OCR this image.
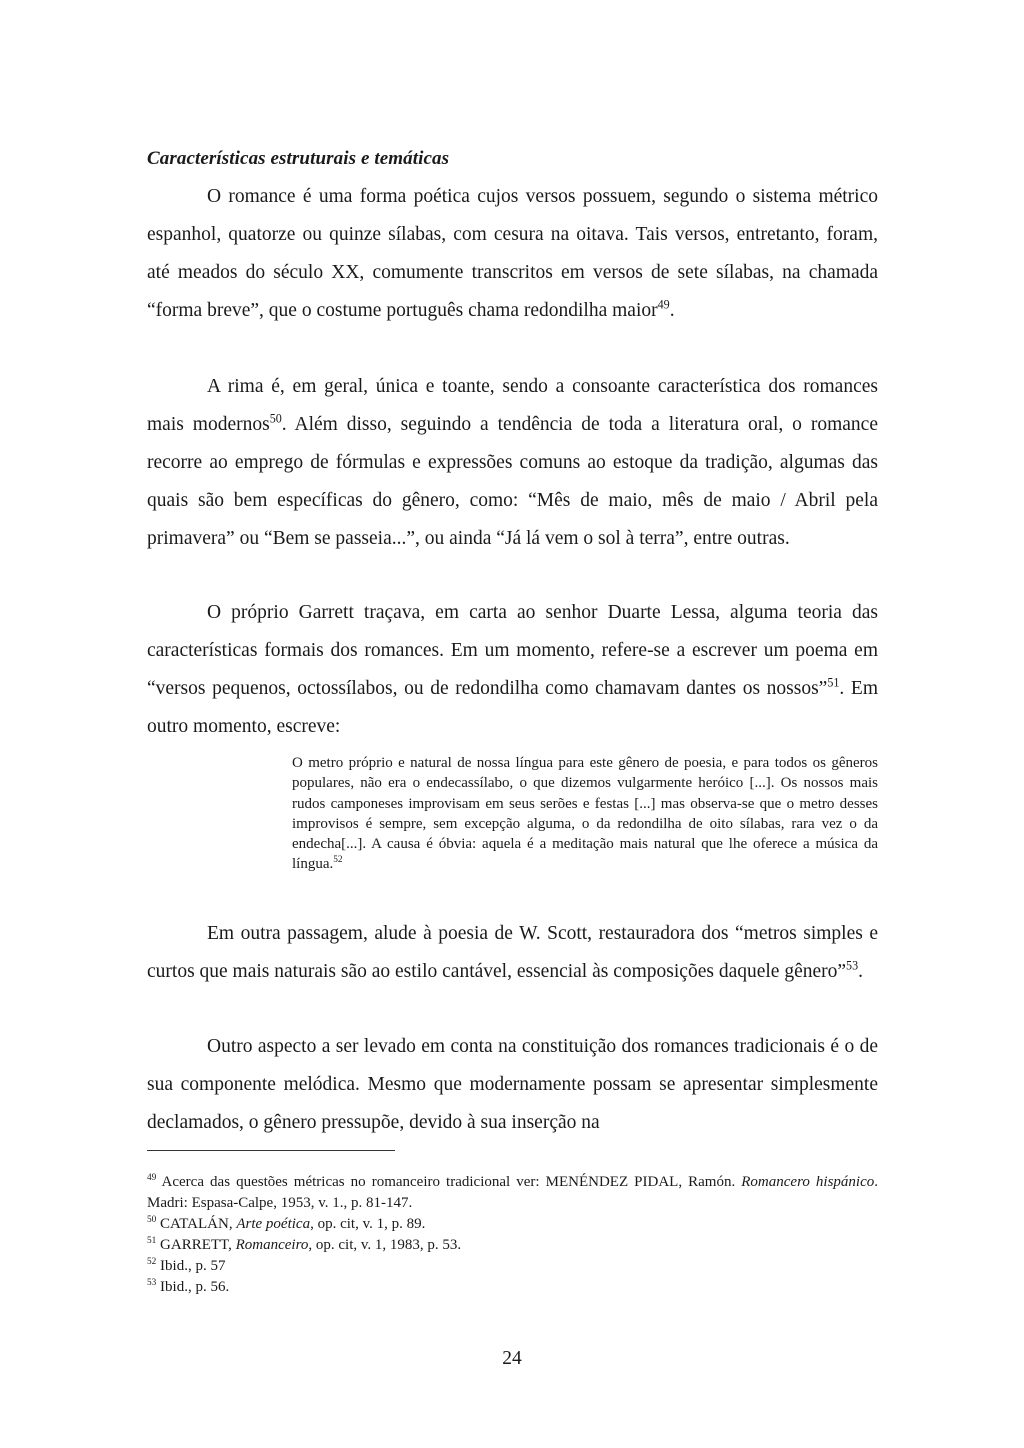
Características estruturais e temáticas

O romance é uma forma poética cujos versos possuem, segundo o sistema métrico espanhol, quatorze ou quinze sílabas, com cesura na oitava. Tais versos, entretanto, foram, até meados do século XX, comumente transcritos em versos de sete sílabas, na chamada “forma breve”, que o costume português chama redondilha maior$^{49}$.

A rima é, em geral, única e toante, sendo a consoante característica dos romances mais modernos$^{50}$. Além disso, seguindo a tendência de toda a literatura oral, o romance recorre ao emprego de fórmulas e expressões comuns ao estoque da tradição, algumas das quais são bem específicas do gênero, como: “Mês de maio, mês de maio / Abril pela primavera” ou “Bem se passeia...”, ou ainda “Já lá vem o sol à terra”, entre outras.

O próprio Garrett traçava, em carta ao senhor Duarte Lessa, alguma teoria das características formais dos romances. Em um momento, refere-se a escrever um poema em “versos pequenos, octossílabos, ou de redondilha como chamavam dantes os nossos”$^{51}$. Em outro momento, escreve:

O metro próprio e natural de nossa língua para este gênero de poesia, e para todos os gêneros populares, não era o endecassílabo, o que dizemos vulgarmente heróico [...]. Os nossos mais rudos camponeses improvisam em seus serões e festas [...] mas observa-se que o metro desses improvisos é sempre, sem excepção alguma, o da redondilha de oito sílabas, rara vez o da endecha[...]. A causa é óbvia: aquela é a meditação mais natural que lhe oferece a música da língua.$^{52}$

Em outra passagem, alude à poesia de W. Scott, restauradora dos “metros simples e curtos que mais naturais são ao estilo cantável, essencial às composições daquele gênero”$^{53}$.

Outro aspecto a ser levado em conta na constituição dos romances tradicionais é o de sua componente melódica. Mesmo que modernamente possam se apresentar simplesmente declamados, o gênero pressupõe, devido à sua inserção na

$^{49}$ Acerca das questões métricas no romanceiro tradicional ver: MENÉNDEZ PIDAL, Ramón. Romancero hispánico. Madri: Espasa-Calpe, 1953, v. 1., p. 81-147.

$^{50}$ CATALÁN, Arte poética, op. cit, v. 1, p. 89.

$^{51}$ GARRETT, Romanceiro, op. cit, v. 1, 1983, p. 53.

$^{52}$ Ibid., p. 57

$^{53}$ Ibid., p. 56.

24
